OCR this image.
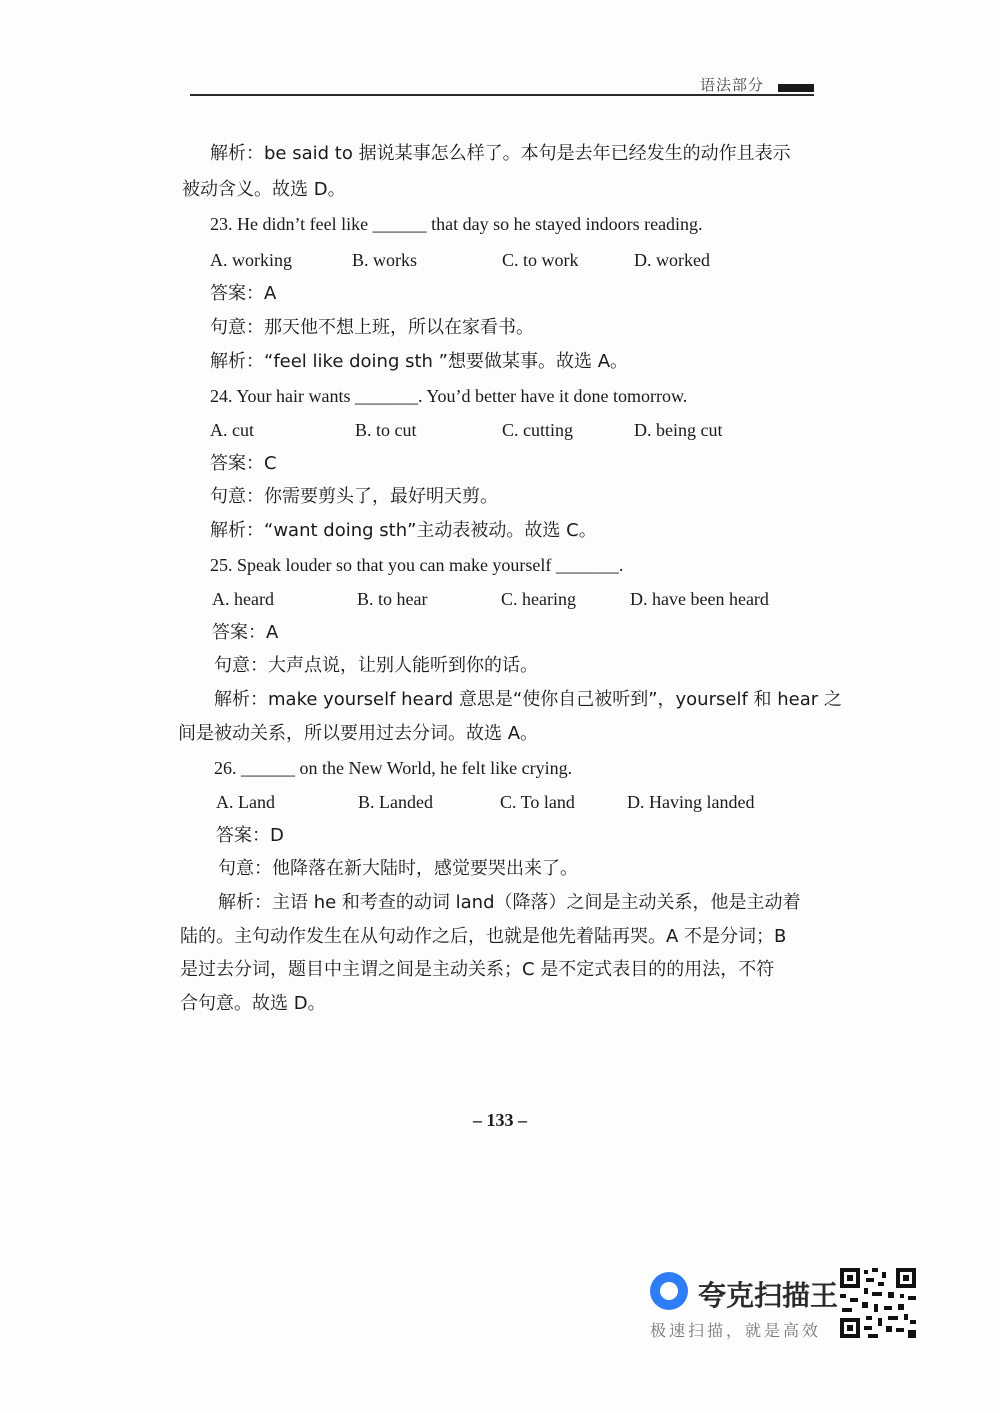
语法部分
解析：be said to 据说某事怎么样了。本句是去年已经发生的动作且表示
被动含义。故选 D。
23. He didn’t feel like ______ that day so he stayed indoors reading.
A. working	B. works	C. to work	D. worked
答案：A
句意：那天他不想上班，所以在家看书。
解析：“feel like doing sth ”想要做某事。故选 A。
24. Your hair wants _______. You’d better have it done tomorrow.
A. cut	B. to cut	C. cutting	D. being cut
答案：C
句意：你需要剪头了，最好明天剪。
解析：“want doing sth”主动表被动。故选 C。
25. Speak louder so that you can make yourself _______.
A. heard	B. to hear	C. hearing	D. have been heard
答案：A
句意：大声点说，让别人能听到你的话。
解析：make yourself heard 意思是“使你自己被听到”，yourself 和 hear 之
间是被动关系，所以要用过去分词。故选 A。
26. ______ on the New World, he felt like crying.
A. Land	B. Landed	C. To land	D. Having landed
答案：D
句意：他降落在新大陆时，感觉要哭出来了。
解析：主语 he 和考查的动词 land（降落）之间是主动关系，他是主动着
陆的。主句动作发生在从句动作之后，也就是他先着陆再哭。A 不是分词；B
是过去分词，题目中主谓之间是主动关系；C 是不定式表目的的用法，不符
合句意。故选 D。
– 133 –
夸克扫描王
极速扫描，就是高效
